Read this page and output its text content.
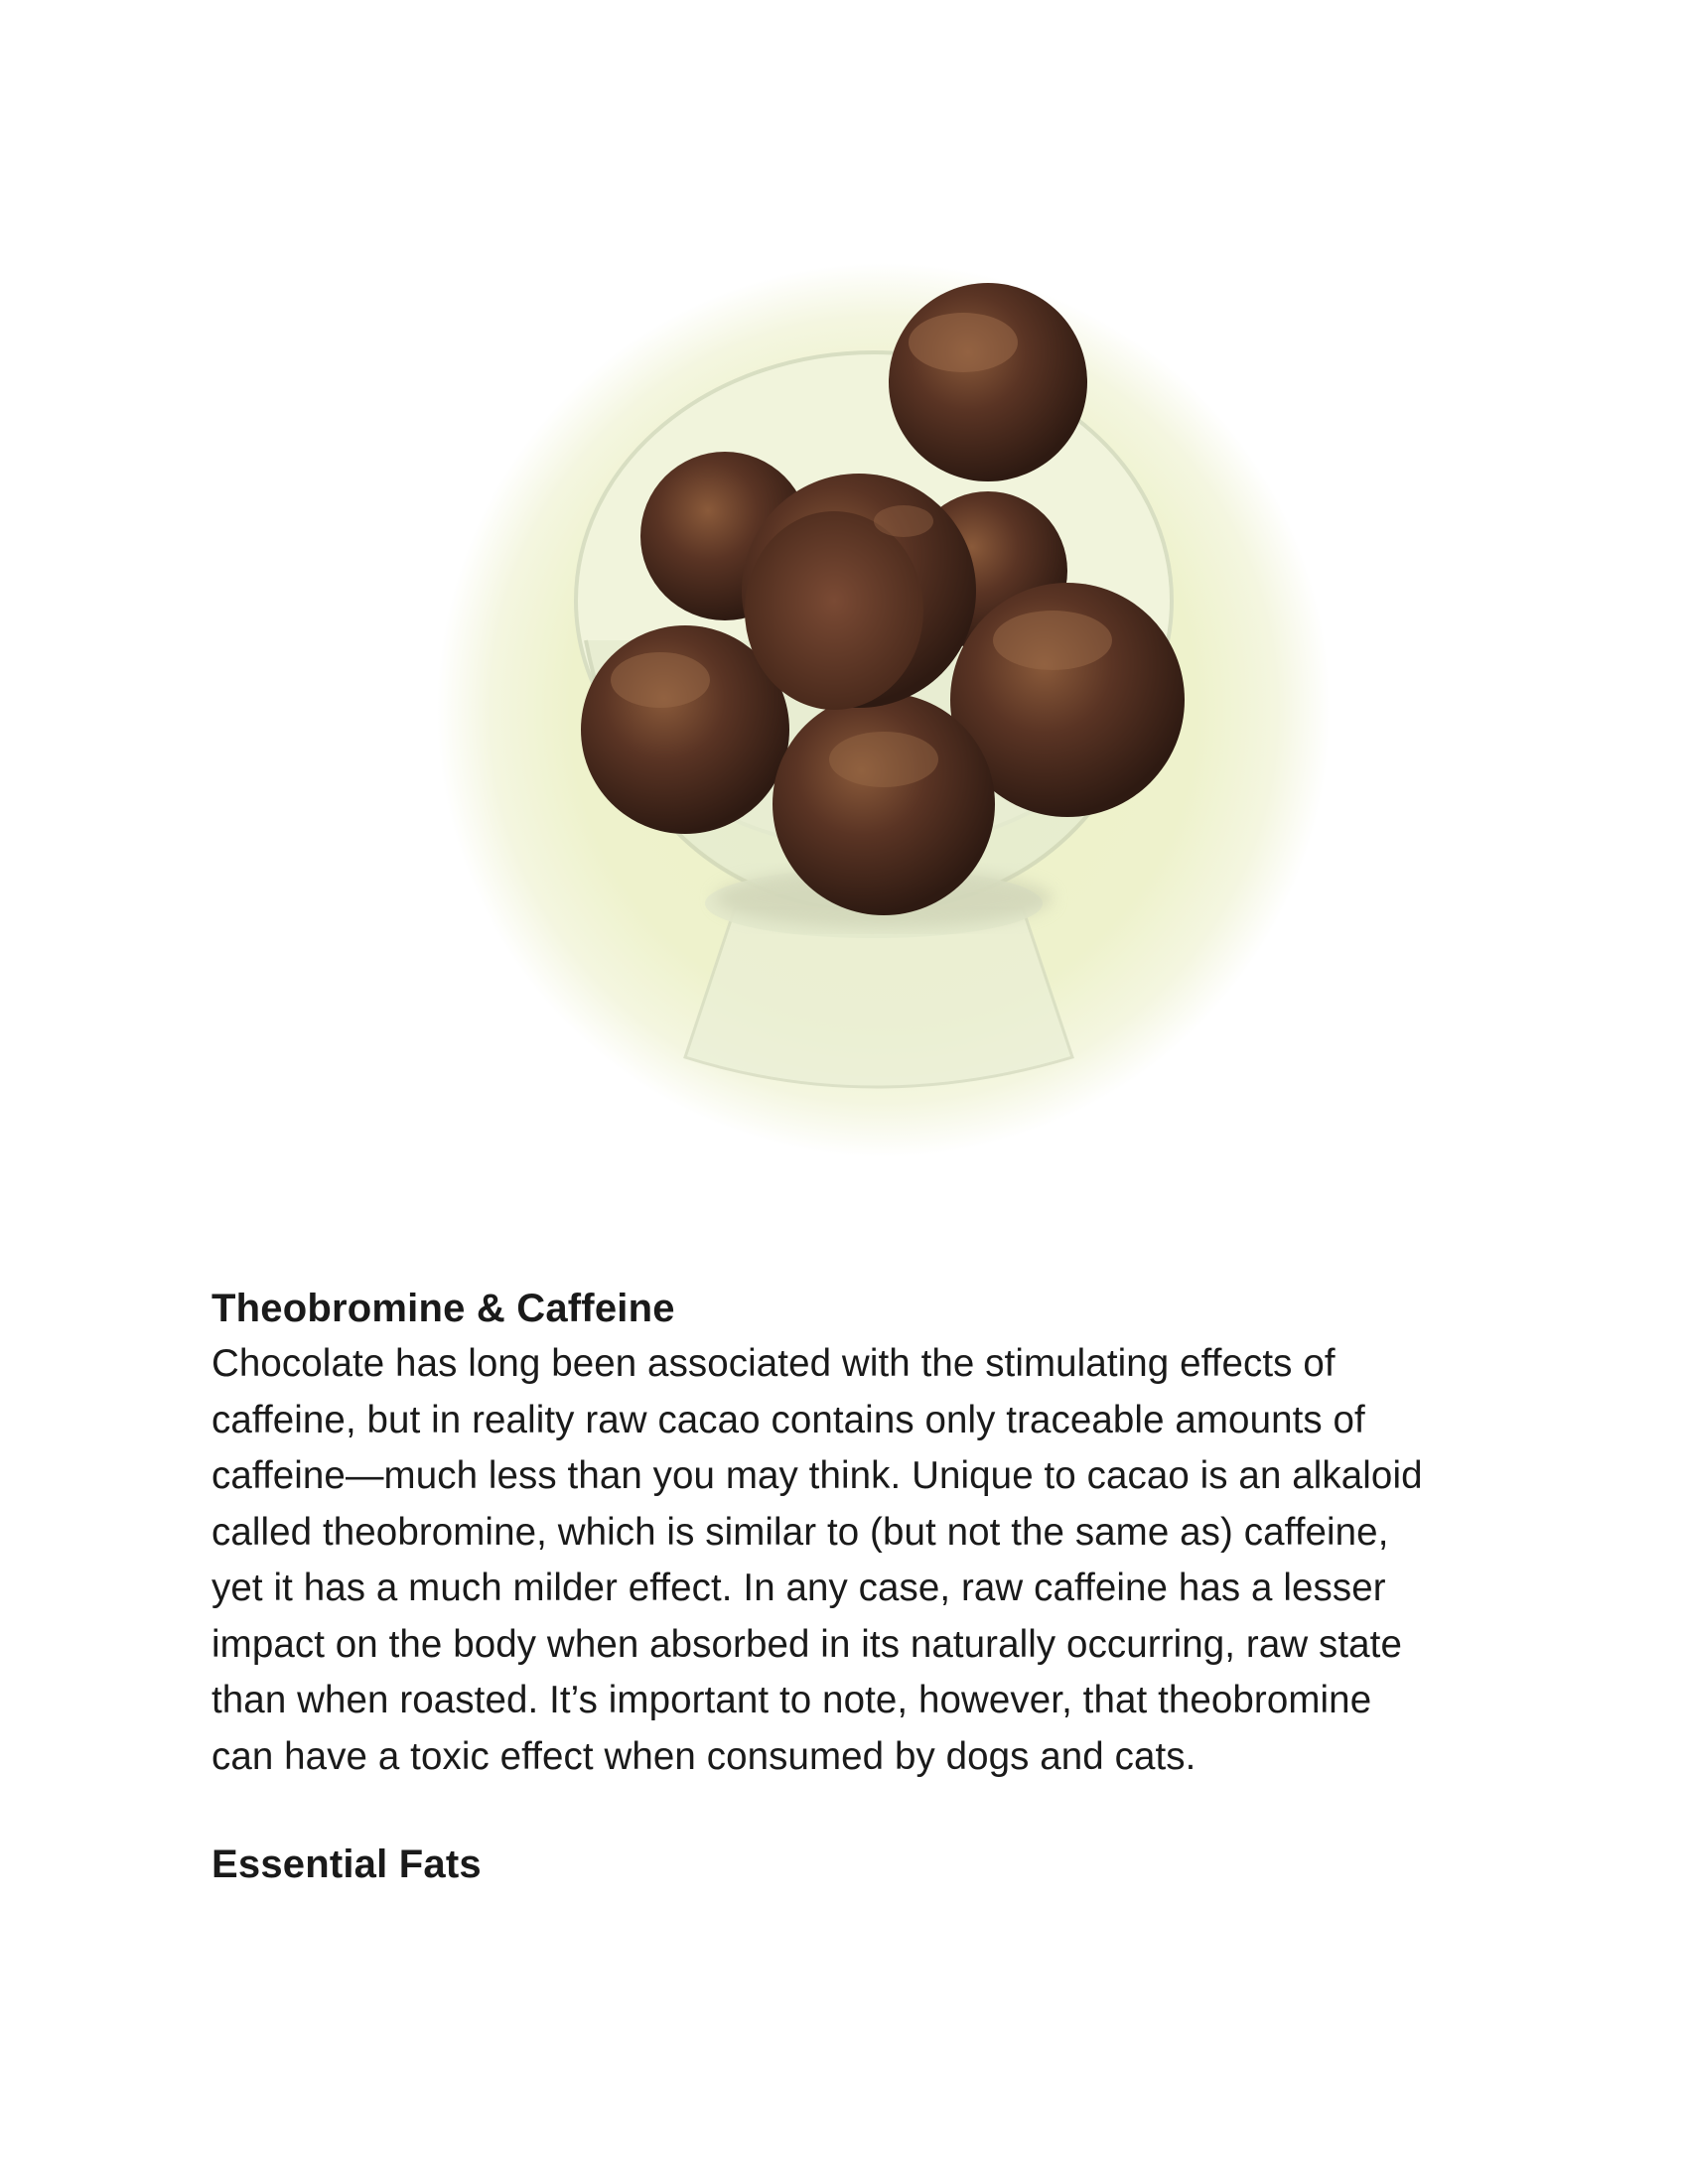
Theobromine & Caffeine

Chocolate has long been associated with the stimulating effects of
caffeine, but in reality raw cacao contains only traceable amounts of
caffeine—much less than you may think. Unique to cacao is an alkaloid
called theobromine, which is similar to (but not the same as) caffeine,
yet it has a much milder effect. In any case, raw caffeine has a lesser
impact on the body when absorbed in its naturally occurring, raw state
than when roasted. It’s important to note, however, that theobromine
can have a toxic effect when consumed by dogs and cats.

Essential Fats
